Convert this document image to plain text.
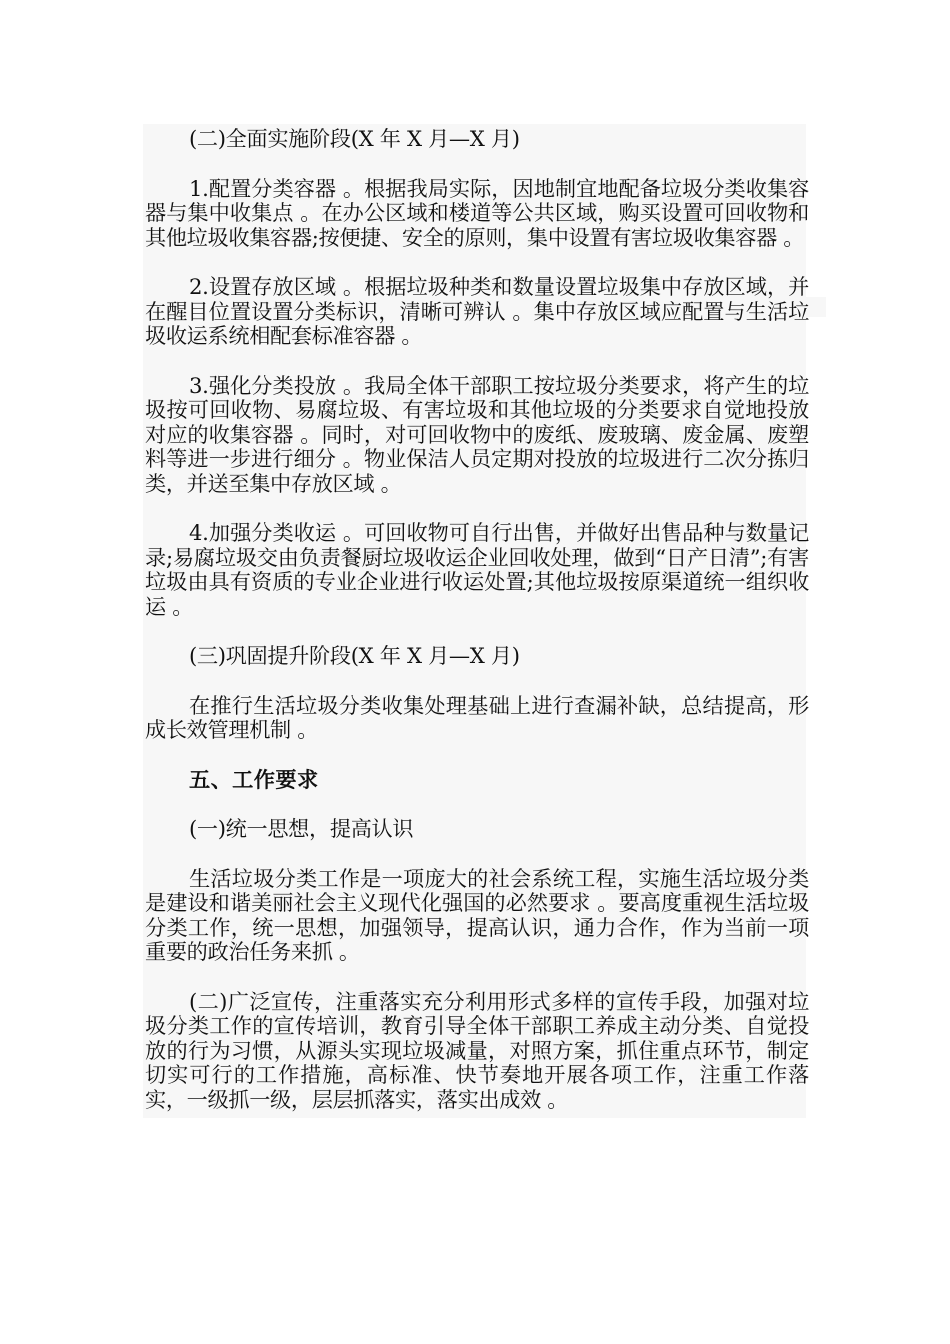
(二)全面实施阶段(X 年 X 月—X 月)

1.配置分类容器 。根据我局实际，因地制宜地配备垃圾分类收集容器与集中收集点 。在办公区域和楼道等公共区域，购买设置可回收物和其他垃圾收集容器;按便捷、安全的原则，集中设置有害垃圾收集容器 。

2.设置存放区域 。根据垃圾种类和数量设置垃圾集中存放区域，并在醒目位置设置分类标识，清晰可辨认 。集中存放区域应配置与生活垃圾收运系统相配套标准容器 。

3.强化分类投放 。我局全体干部职工按垃圾分类要求，将产生的垃圾按可回收物、易腐垃圾、有害垃圾和其他垃圾的分类要求自觉地投放对应的收集容器 。同时，对可回收物中的废纸、废玻璃、废金属、废塑料等进一步进行细分 。物业保洁人员定期对投放的垃圾进行二次分拣归类，并送至集中存放区域 。

4.加强分类收运 。可回收物可自行出售，并做好出售品种与数量记录;易腐垃圾交由负责餐厨垃圾收运企业回收处理，做到“日产日清”;有害垃圾由具有资质的专业企业进行收运处置;其他垃圾按原渠道统一组织收运 。

(三)巩固提升阶段(X 年 X 月—X 月)

在推行生活垃圾分类收集处理基础上进行查漏补缺，总结提高，形成长效管理机制 。

五、工作要求

(一)统一思想，提高认识

生活垃圾分类工作是一项庞大的社会系统工程，实施生活垃圾分类是建设和谐美丽社会主义现代化强国的必然要求 。要高度重视生活垃圾分类工作，统一思想，加强领导，提高认识，通力合作，作为当前一项重要的政治任务来抓 。

(二)广泛宣传，注重落实充分利用形式多样的宣传手段，加强对垃圾分类工作的宣传培训，教育引导全体干部职工养成主动分类、自觉投放的行为习惯，从源头实现垃圾减量，对照方案，抓住重点环节，制定切实可行的工作措施，高标准、快节奏地开展各项工作，注重工作落实，一级抓一级，层层抓落实，落实出成效 。
